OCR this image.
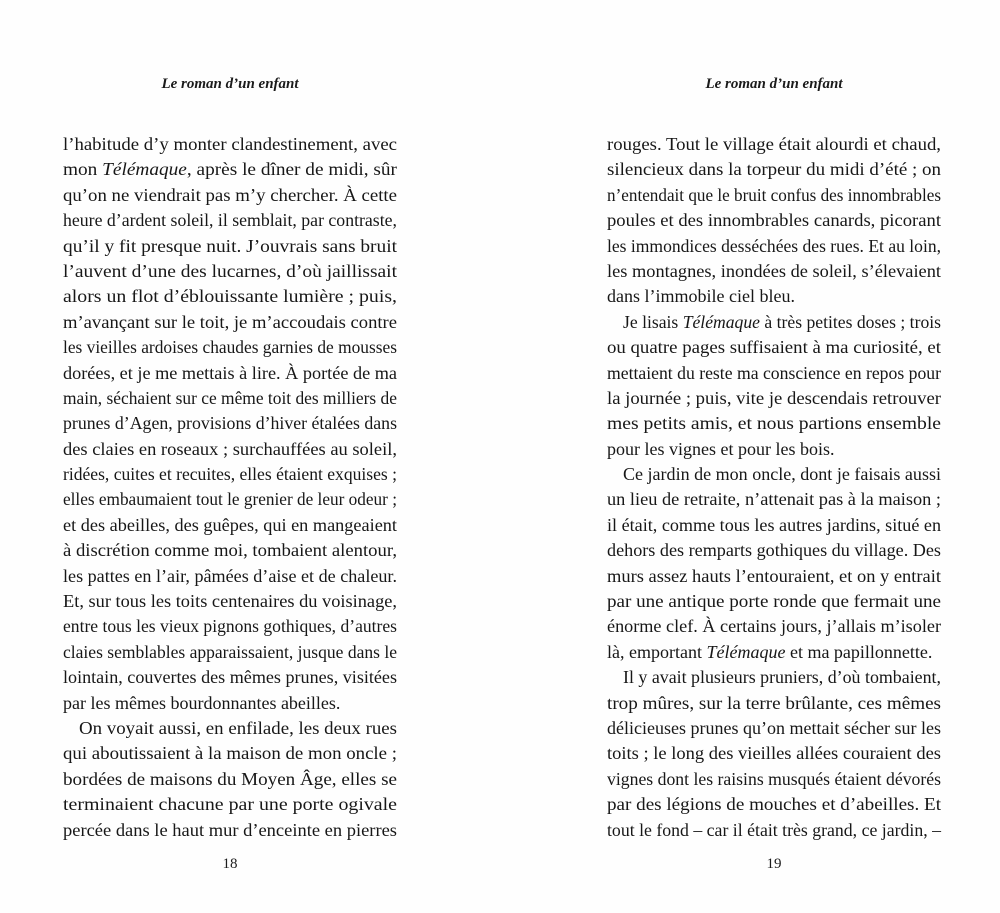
Le roman d’un enfant	Le roman d’un enfant
l’habitude d’y monter clandestinement, avec
mon Télémaque, après le dîner de midi, sûr
qu’on ne viendrait pas m’y chercher. À cette
heure d’ardent soleil, il semblait, par contraste,
qu’il y fit presque nuit. J’ouvrais sans bruit
l’auvent d’une des lucarnes, d’où jaillissait
alors un flot d’éblouissante lumière ; puis,
m’avançant sur le toit, je m’accoudais contre
les vieilles ardoises chaudes garnies de mousses
dorées, et je me mettais à lire. À portée de ma
main, séchaient sur ce même toit des milliers de
prunes d’Agen, provisions d’hiver étalées dans
des claies en roseaux ; surchauffées au soleil,
ridées, cuites et recuites, elles étaient exquises ;
elles embaumaient tout le grenier de leur odeur ;
et des abeilles, des guêpes, qui en mangeaient
à discrétion comme moi, tombaient alentour,
les pattes en l’air, pâmées d’aise et de chaleur.
Et, sur tous les toits centenaires du voisinage,
entre tous les vieux pignons gothiques, d’autres
claies semblables apparaissaient, jusque dans le
lointain, couvertes des mêmes prunes, visitées
par les mêmes bourdonnantes abeilles.
On voyait aussi, en enfilade, les deux rues
qui aboutissaient à la maison de mon oncle ;
bordées de maisons du Moyen Âge, elles se
terminaient chacune par une porte ogivale
percée dans le haut mur d’enceinte en pierres
rouges. Tout le village était alourdi et chaud,
silencieux dans la torpeur du midi d’été ; on
n’entendait que le bruit confus des innombrables
poules et des innombrables canards, picorant
les immondices desséchées des rues. Et au loin,
les montagnes, inondées de soleil, s’élevaient
dans l’immobile ciel bleu.
Je lisais Télémaque à très petites doses ; trois
ou quatre pages suffisaient à ma curiosité, et
mettaient du reste ma conscience en repos pour
la journée ; puis, vite je descendais retrouver
mes petits amis, et nous partions ensemble
pour les vignes et pour les bois.
Ce jardin de mon oncle, dont je faisais aussi
un lieu de retraite, n’attenait pas à la maison ;
il était, comme tous les autres jardins, situé en
dehors des remparts gothiques du village. Des
murs assez hauts l’entouraient, et on y entrait
par une antique porte ronde que fermait une
énorme clef. À certains jours, j’allais m’isoler
là, emportant Télémaque et ma papillonnette.
Il y avait plusieurs pruniers, d’où tombaient,
trop mûres, sur la terre brûlante, ces mêmes
délicieuses prunes qu’on mettait sécher sur les
toits ; le long des vieilles allées couraient des
vignes dont les raisins musqués étaient dévorés
par des légions de mouches et d’abeilles. Et
tout le fond – car il était très grand, ce jardin, –
18	19
